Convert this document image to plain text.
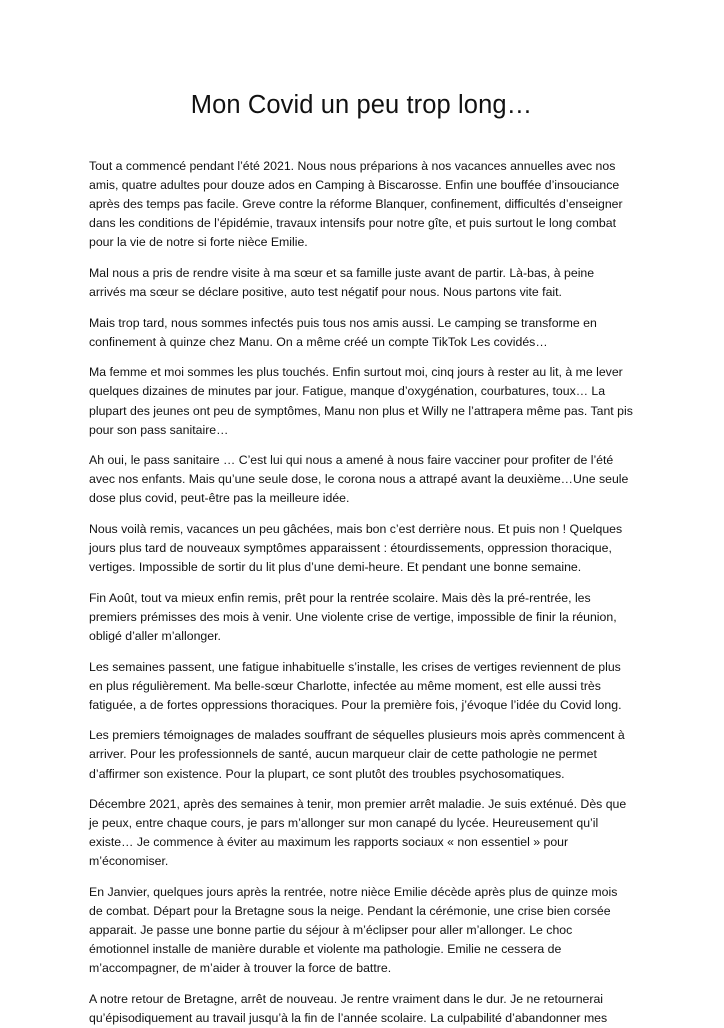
Mon Covid un peu trop long…

Tout a commencé pendant l’été 2021. Nous nous préparions à nos vacances annuelles avec nos amis, quatre adultes pour douze ados en Camping à Biscarosse. Enfin une bouffée d’insouciance après des temps pas facile. Greve contre la réforme Blanquer, confinement, difficultés d’enseigner dans les conditions de l’épidémie, travaux intensifs pour notre gîte, et puis surtout le long combat pour la vie de notre si forte nièce Emilie.

Mal nous a pris de rendre visite à ma sœur et sa famille juste avant de partir. Là-bas, à peine arrivés ma sœur se déclare positive, auto test négatif pour nous. Nous partons vite fait.

Mais trop tard, nous sommes infectés puis tous nos amis aussi. Le camping se transforme en confinement à quinze chez Manu. On a même créé un compte TikTok Les covidés…

Ma femme et moi sommes les plus touchés. Enfin surtout moi, cinq jours à rester au lit, à me lever quelques dizaines de minutes par jour. Fatigue, manque d’oxygénation, courbatures, toux… La plupart des jeunes ont peu de symptômes, Manu non plus et Willy ne l’attrapera même pas. Tant pis pour son pass sanitaire…

Ah oui, le pass sanitaire … C’est lui qui nous a amené à nous faire vacciner pour profiter de l’été avec nos enfants. Mais qu’une seule dose, le corona nous a attrapé avant la deuxième…Une seule dose plus covid, peut-être pas la meilleure idée.

Nous voilà remis, vacances un peu gâchées, mais bon c’est derrière nous. Et puis non ! Quelques jours plus tard de nouveaux symptômes apparaissent : étourdissements, oppression thoracique, vertiges. Impossible de sortir du lit plus d’une demi-heure. Et pendant une bonne semaine.

Fin Août, tout va mieux enfin remis, prêt pour la rentrée scolaire. Mais dès la pré-rentrée, les premiers prémisses des mois à venir. Une violente crise de vertige, impossible de finir la réunion, obligé d’aller m’allonger.

Les semaines passent, une fatigue inhabituelle s’installe, les crises de vertiges reviennent de plus en plus régulièrement. Ma belle-sœur Charlotte, infectée au même moment, est elle aussi très fatiguée, a de fortes oppressions thoraciques. Pour la première fois, j’évoque l’idée du Covid long.

Les premiers témoignages de malades souffrant de séquelles plusieurs mois après commencent à arriver. Pour les professionnels de santé, aucun marqueur clair de cette pathologie ne permet d’affirmer son existence. Pour la plupart, ce sont plutôt des troubles psychosomatiques.

Décembre 2021, après des semaines à tenir, mon premier arrêt maladie. Je suis exténué. Dès que je peux, entre chaque cours, je pars m’allonger sur mon canapé du lycée. Heureusement qu’il existe… Je commence à éviter au maximum les rapports sociaux « non essentiel » pour m’économiser.

En Janvier, quelques jours après la rentrée, notre nièce Emilie décède après plus de quinze mois de combat. Départ pour la Bretagne sous la neige. Pendant la cérémonie, une crise bien corsée apparait. Je passe une bonne partie du séjour à m’éclipser pour aller m’allonger. Le choc émotionnel installe de manière durable et violente ma pathologie. Emilie ne cessera de m’accompagner, de m’aider à trouver la force de battre.

A notre retour de Bretagne, arrêt de nouveau. Je rentre vraiment dans le dur. Je ne retournerai qu’épisodiquement au travail jusqu’à la fin de l’année scolaire. La culpabilité d’abandonner mes
